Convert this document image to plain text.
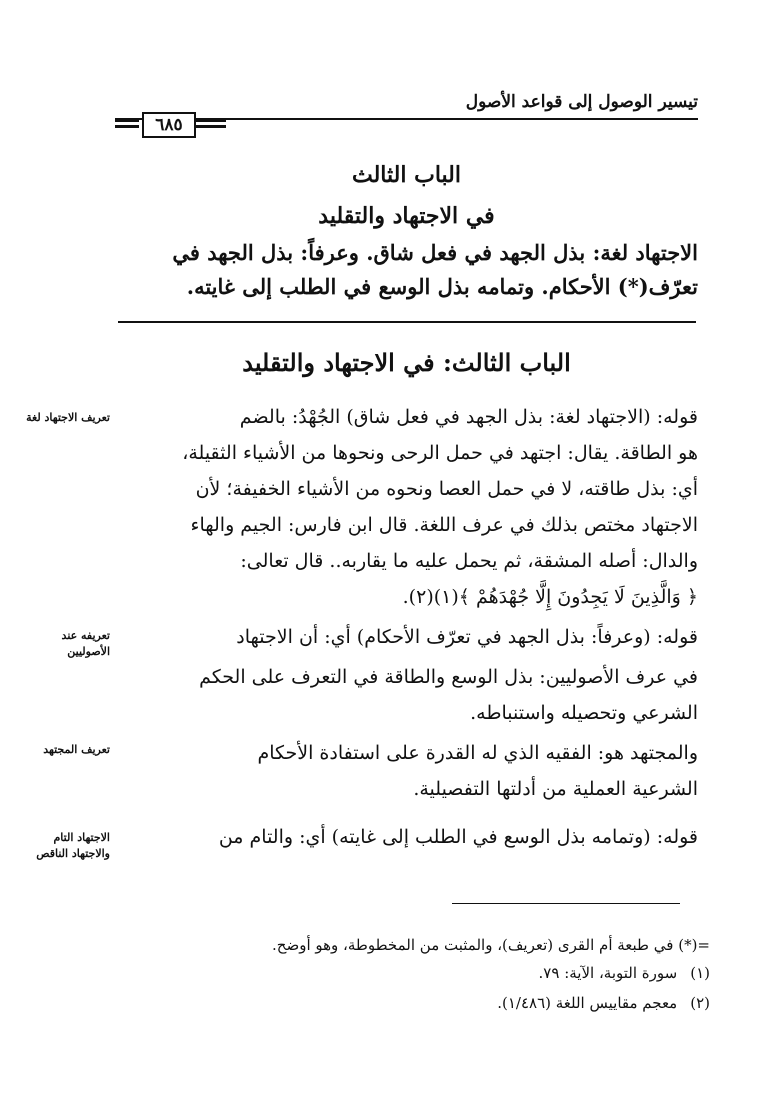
تيسير الوصول إلى قواعد الأصول
٦٨٥
الباب الثالث
في الاجتهاد والتقليد
الاجتهاد لغة: بذل الجهد في فعل شاق. وعرفاً: بذل الجهد في
تعرّف(*) الأحكام. وتمامه بذل الوسع في الطلب إلى غايته.
الباب الثالث: في الاجتهاد والتقليد
قوله: (الاجتهاد لغة: بذل الجهد في فعل شاق) الجُهْدُ: بالضم
هو الطاقة. يقال: اجتهد في حمل الرحى ونحوها من الأشياء الثقيلة،
أي: بذل طاقته، لا في حمل العصا ونحوه من الأشياء الخفيفة؛ لأن
الاجتهاد مختص بذلك في عرف اللغة. قال ابن فارس: الجيم والهاء
والدال: أصله المشقة، ثم يحمل عليه ما يقاربه.. قال تعالى:
﴿ وَالَّذِينَ لَا يَجِدُونَ إِلَّا جُهْدَهُمْ ﴾(١)(٢).
قوله: (وعرفاً: بذل الجهد في تعرّف الأحكام) أي: أن الاجتهاد
في عرف الأصوليين: بذل الوسع والطاقة في التعرف على الحكم
الشرعي وتحصيله واستنباطه.
والمجتهد هو: الفقيه الذي له القدرة على استفادة الأحكام
الشرعية العملية من أدلتها التفصيلية.
قوله: (وتمامه بذل الوسع في الطلب إلى غايته) أي: والتام من
تعريف الاجتهاد لغة
تعريفه عند الأصوليين
تعريف المجتهد
الاجتهاد التام والاجتهاد الناقص
=(*) في طبعة أم القرى (تعريف)، والمثبت من المخطوطة، وهو أوضح.
(١) سورة التوبة، الآية: ٧٩.
(٢) معجم مقاييس اللغة (١/٤٨٦).
